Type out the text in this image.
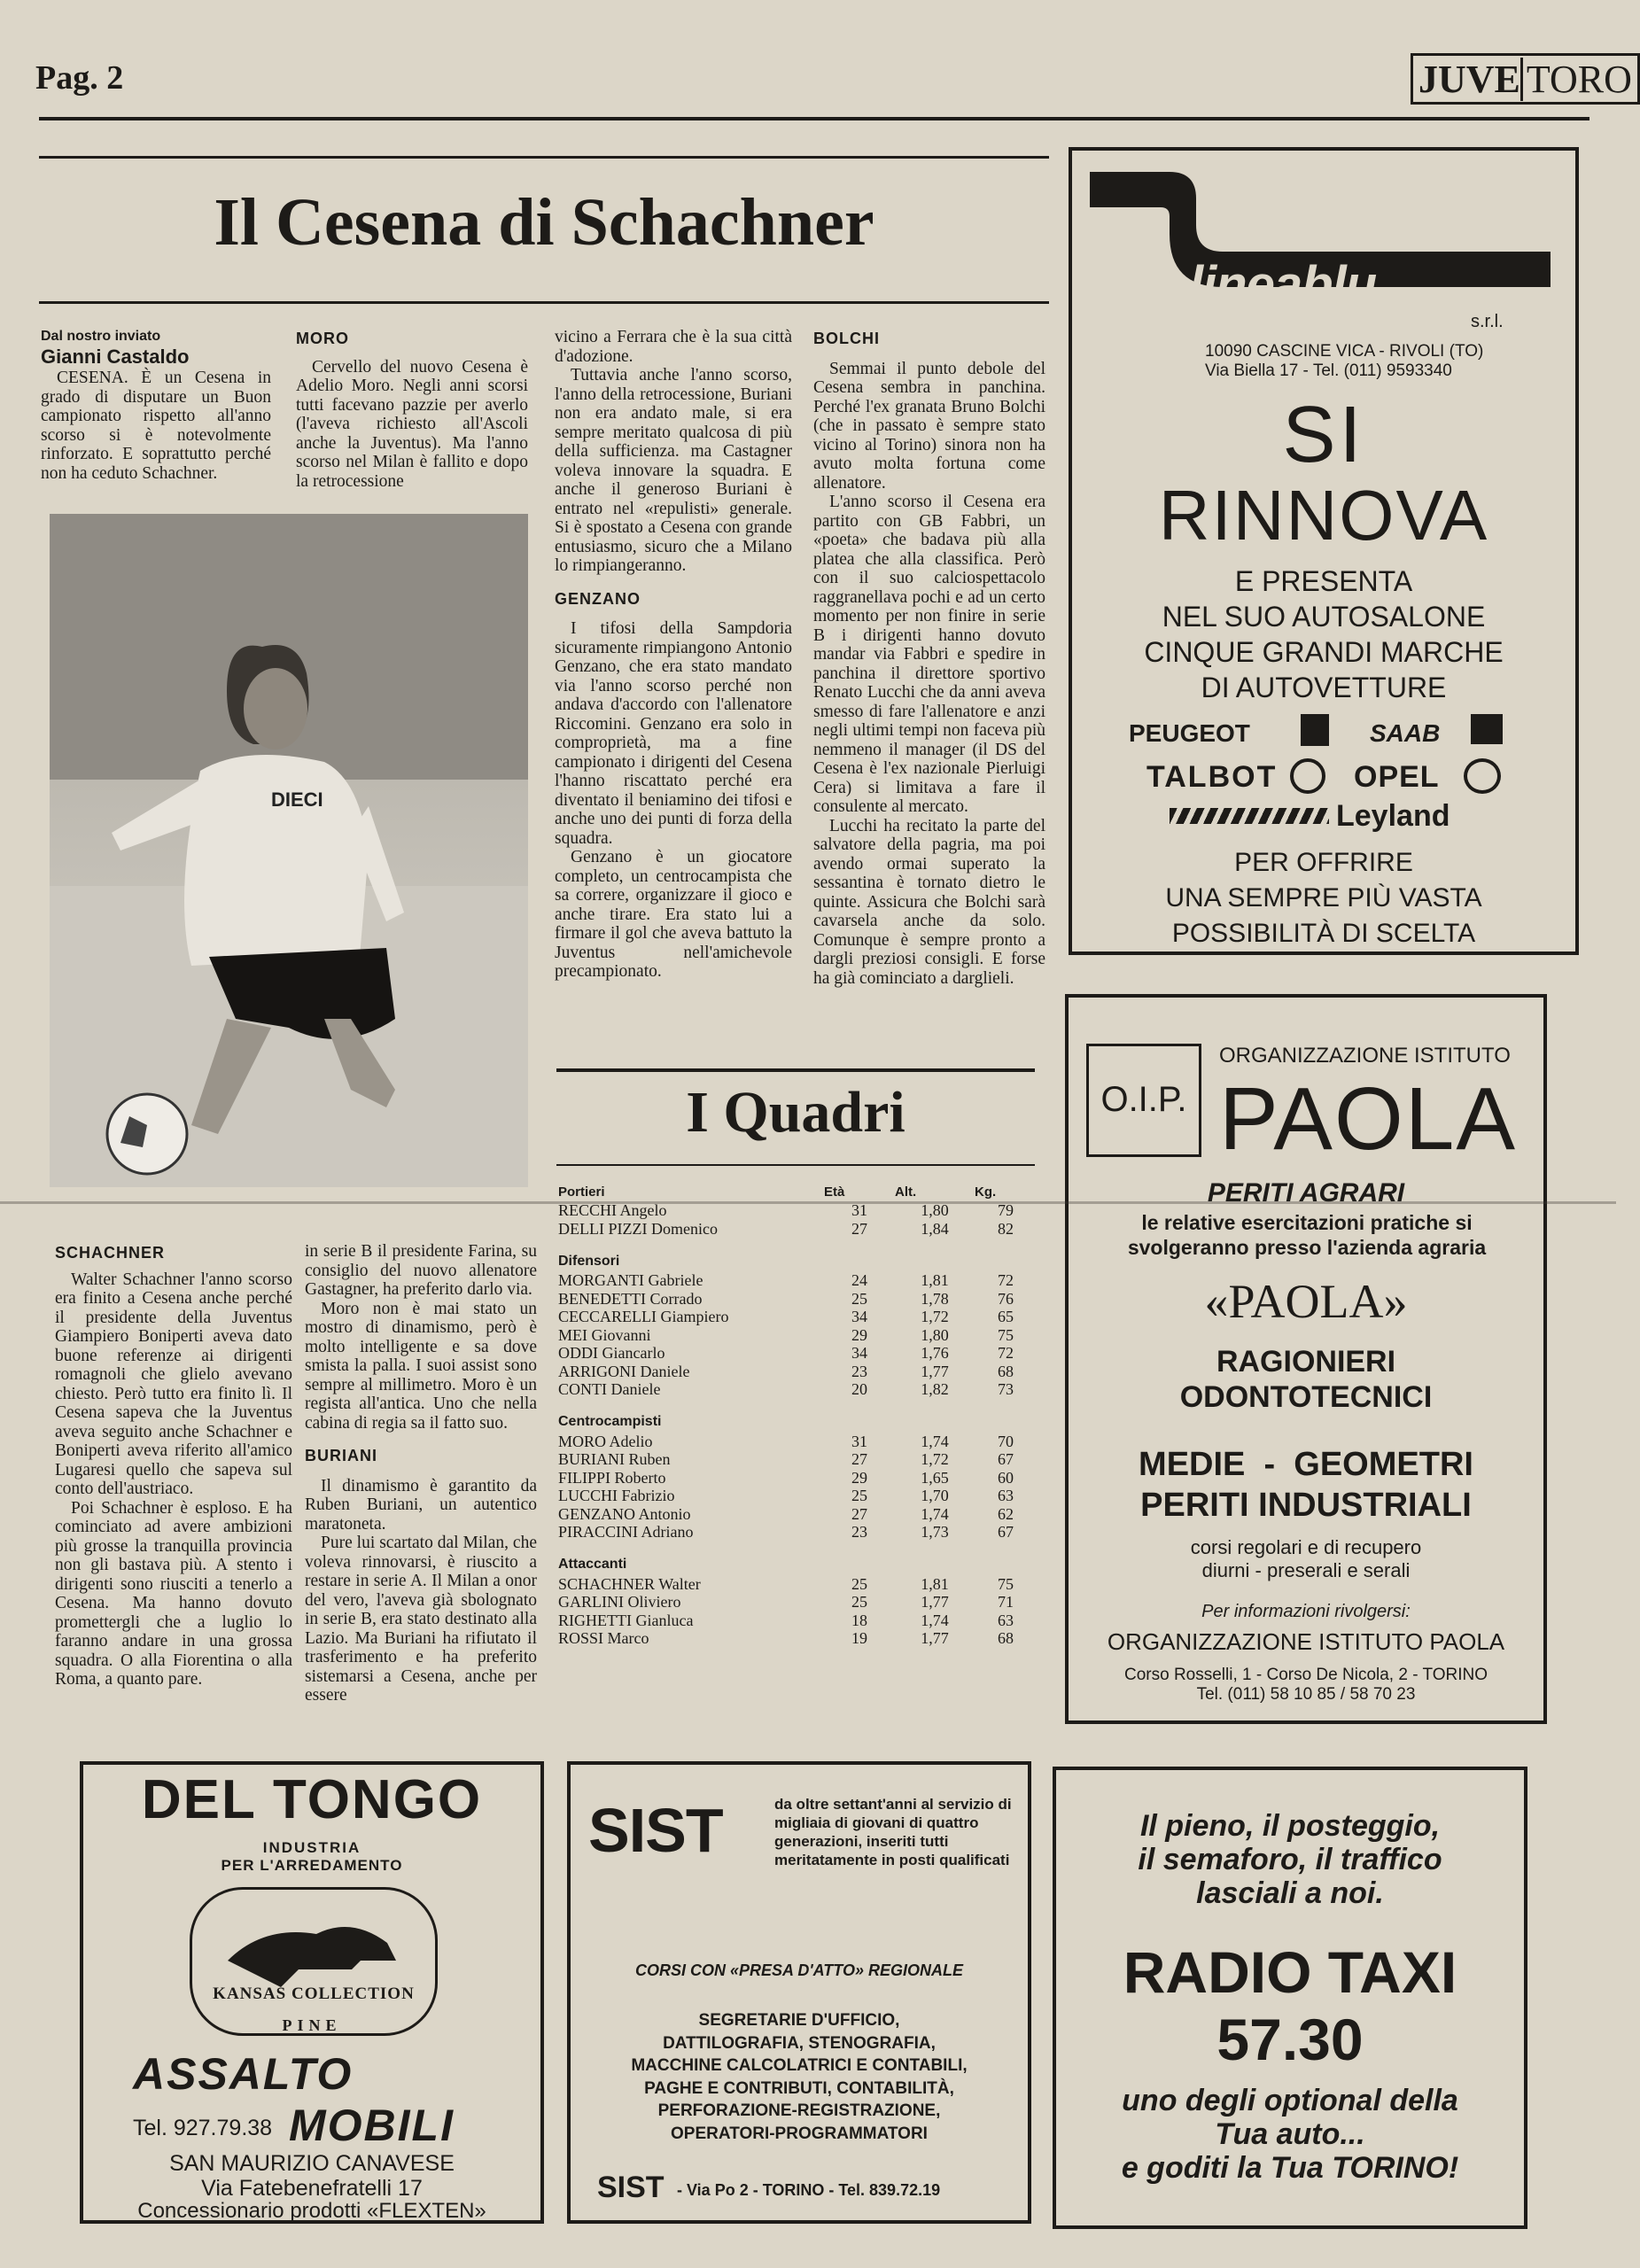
Pag. 2	JUVE TORO
Il Cesena di Schachner
Dal nostro inviato
Gianni Castaldo

CESENA. È un Cesena in grado di disputare un Buon campionato rispetto all'anno scorso si è notevolmente rinforzato. E soprattutto perché non ha ceduto Schachner.

MORO

Cervello del nuovo Cesena è Adelio Moro. Negli anni scorsi tutti facevano pazzie per averlo (l'aveva richiesto all'Ascoli anche la Juventus). Ma l'anno scorso nel Milan è fallito e dopo la retrocessione

DIECI

vicino a Ferrara che è la sua città d'adozione.

Tuttavia anche l'anno scorso, l'anno della retrocessione, Buriani non era andato male, si era sempre meritato qualcosa di più della sufficienza. ma Castagner voleva innovare la squadra. E anche il generoso Buriani è entrato nel «repulisti» generale. Si è spostato a Cesena con grande entusiasmo, sicuro che a Milano lo rimpiangeranno.

GENZANO

I tifosi della Sampdoria sicuramente rimpiangono Antonio Genzano, che era stato mandato via l'anno scorso perché non andava d'accordo con l'allenatore Riccomini. Genzano era solo in comproprietà, ma a fine campionato i dirigenti del Cesena l'hanno riscattato perché era diventato il beniamino dei tifosi e anche uno dei punti di forza della squadra.

Genzano è un giocatore completo, un centrocampista che sa correre, organizzare il gioco e anche tirare. Era stato lui a firmare il gol che aveva battuto la Juventus nell'amichevole precampionato.

BOLCHI

Semmai il punto debole del Cesena sembra in panchina. Perché l'ex granata Bruno Bolchi (che in passato è sempre stato vicino al Torino) sinora non ha avuto molta fortuna come allenatore.

L'anno scorso il Cesena era partito con GB Fabbri, un «poeta» che badava più alla platea che alla classifica. Però con il suo calciospettacolo raggranellava pochi e ad un certo momento per non finire in serie B i dirigenti hanno dovuto mandar via Fabbri e spedire in panchina il direttore sportivo Renato Lucchi che da anni aveva smesso di fare l'allenatore e anzi negli ultimi tempi non faceva più nemmeno il manager (il DS del Cesena è l'ex nazionale Pierluigi Cera) si limitava a fare il consulente al mercato.

Lucchi ha recitato la parte del salvatore della pagria, ma poi avendo ormai superato la sessantina è tornato dietro le quinte. Assicura che Bolchi sarà cavarsela anche da solo. Comunque è sempre pronto a dargli preziosi consigli. E forse ha già cominciato a darglieli.

SCHACHNER

Walter Schachner l'anno scorso era finito a Cesena anche perché il presidente della Juventus Giampiero Boniperti aveva dato buone referenze ai dirigenti romagnoli che glielo avevano chiesto. Però tutto era finito lì. Il Cesena sapeva che la Juventus aveva seguito anche Schachner e Boniperti aveva riferito all'amico Lugaresi quello che sapeva sul conto dell'austriaco.

Poi Schachner è esploso. E ha cominciato ad avere ambizioni più grosse la tranquilla provincia non gli bastava più. A stento i dirigenti sono riusciti a tenerlo a Cesena. Ma hanno dovuto promettergli che a luglio lo faranno andare in una grossa squadra. O alla Fiorentina o alla Roma, a quanto pare.

in serie B il presidente Farina, su consiglio del nuovo allenatore Gastagner, ha preferito darlo via.

Moro non è mai stato un mostro di dinamismo, però è molto intelligente e sa dove smista la palla. I suoi assist sono sempre al millimetro. Moro è un regista all'antica. Uno che nella cabina di regia sa il fatto suo.

BURIANI

Il dinamismo è garantito da Ruben Buriani, un autentico maratoneta.

Pure lui scartato dal Milan, che voleva rinnovarsi, è riuscito a restare in serie A. Il Milan a onor del vero, l'aveva già sbolognato in serie B, era stato destinato alla Lazio. Ma Buriani ha rifiutato il trasferimento e ha preferito sistemarsi a Cesena, anche per essere

I Quadri
Portieri	Età	Alt.	Kg.
RECCHI Angelo	31	1,80	79
DELLI PIZZI Domenico	27	1,84	82
Difensori			
MORGANTI Gabriele	24	1,81	72
BENEDETTI Corrado	25	1,78	76
CECCARELLI Giampiero	34	1,72	65
MEI Giovanni	29	1,80	75
ODDI Giancarlo	34	1,76	72
ARRIGONI Daniele	23	1,77	68
CONTI Daniele	20	1,82	73
Centrocampisti			
MORO Adelio	31	1,74	70
BURIANI Ruben	27	1,72	67
FILIPPI Roberto	29	1,65	60
LUCCHI Fabrizio	25	1,70	63
GENZANO Antonio	27	1,74	62
PIRACCINI Adriano	23	1,73	67
Attaccanti			
SCHACHNER Walter	25	1,81	75
GARLINI Oliviero	25	1,77	71
RIGHETTI Gianluca	18	1,74	63
ROSSI Marco	19	1,77	68
lineablu
s.r.l.
10090 CASCINE VICA - RIVOLI (TO)
Via Biella 17 - Tel. (011) 9593340
SI
RINNOVA
E PRESENTA
NEL SUO AUTOSALONE
CINQUE GRANDI MARCHE
DI AUTOVETTURE
PEUGEOT	SAAB
TALBOT	OPEL
Leyland
PER OFFRIRE
UNA SEMPRE PIÙ VASTA
POSSIBILITÀ DI SCELTA
ORGANIZZAZIONE ISTITUTO
O.I.P. PAOLA
PERITI AGRARI
le relative esercitazioni pratiche si svolgeranno presso l'azienda agraria
«PAOLA»
RAGIONIERI
ODONTOTECNICI
MEDIE  -  GEOMETRI
PERITI INDUSTRIALI
corsi regolari e di recupero
diurni - preserali e serali
Per informazioni rivolgersi:
ORGANIZZAZIONE ISTITUTO PAOLA
Corso Rosselli, 1 - Corso De Nicola, 2 - TORINO
Tel. (011) 58 10 85 / 58 70 23
DEL TONGO
INDUSTRIA
PER L'ARREDAMENTO
KANSAS COLLECTION
PINE
ASSALTO
Tel. 927.79.38 MOBILI
SAN MAURIZIO CANAVESE
Via Fatebenefratelli 17
Concessionario prodotti «FLEXTEN»
SIST	da oltre settant'anni al servizio di migliaia di giovani di quattro generazioni, inseriti tutti meritatamente in posti qualificati
CORSI CON «PRESA D'ATTO» REGIONALE
SEGRETARIE D'UFFICIO,
DATTILOGRAFIA, STENOGRAFIA,
MACCHINE CALCOLATRICI E CONTABILI,
PAGHE E CONTRIBUTI, CONTABILITÀ,
PERFORAZIONE-REGISTRAZIONE,
OPERATORI-PROGRAMMATORI
SIST - Via Po 2 - TORINO - Tel. 839.72.19
Il pieno, il posteggio,
il semaforo, il traffico
lasciali a noi.
RADIO TAXI
57.30
uno degli optional della
Tua auto...
e goditi la Tua TORINO!
